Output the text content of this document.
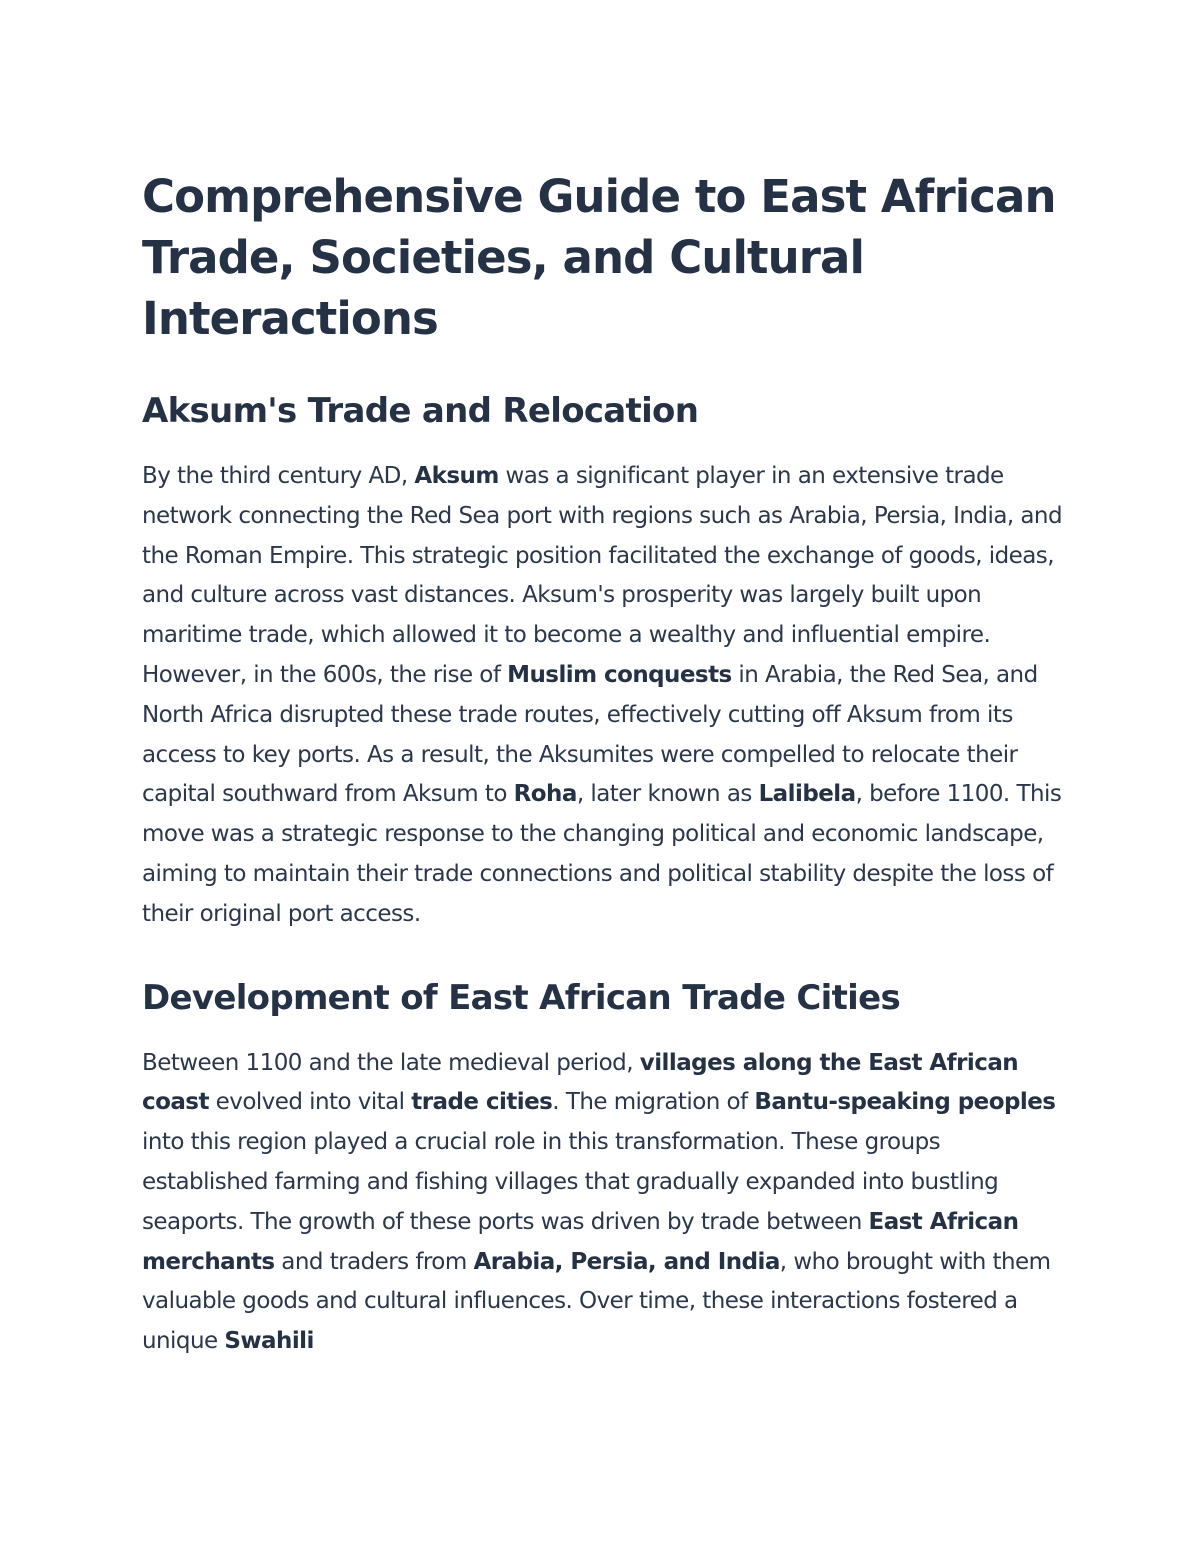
Comprehensive Guide to East African Trade, Societies, and Cultural Interactions
Aksum's Trade and Relocation

By the third century AD, Aksum was a significant player in an extensive trade network connecting the Red Sea port with regions such as Arabia, Persia, India, and the Roman Empire. This strategic position facilitated the exchange of goods, ideas, and culture across vast distances. Aksum's prosperity was largely built upon maritime trade, which allowed it to become a wealthy and influential empire. However, in the 600s, the rise of Muslim conquests in Arabia, the Red Sea, and North Africa disrupted these trade routes, effectively cutting off Aksum from its access to key ports. As a result, the Aksumites were compelled to relocate their capital southward from Aksum to Roha, later known as Lalibela, before 1100. This move was a strategic response to the changing political and economic landscape, aiming to maintain their trade connections and political stability despite the loss of their original port access.

Development of East African Trade Cities

Between 1100 and the late medieval period, villages along the East African coast evolved into vital trade cities. The migration of Bantu-speaking peoples into this region played a crucial role in this transformation. These groups established farming and fishing villages that gradually expanded into bustling seaports. The growth of these ports was driven by trade between East African merchants and traders from Arabia, Persia, and India, who brought with them valuable goods and cultural influences. Over time, these interactions fostered a unique Swahili
